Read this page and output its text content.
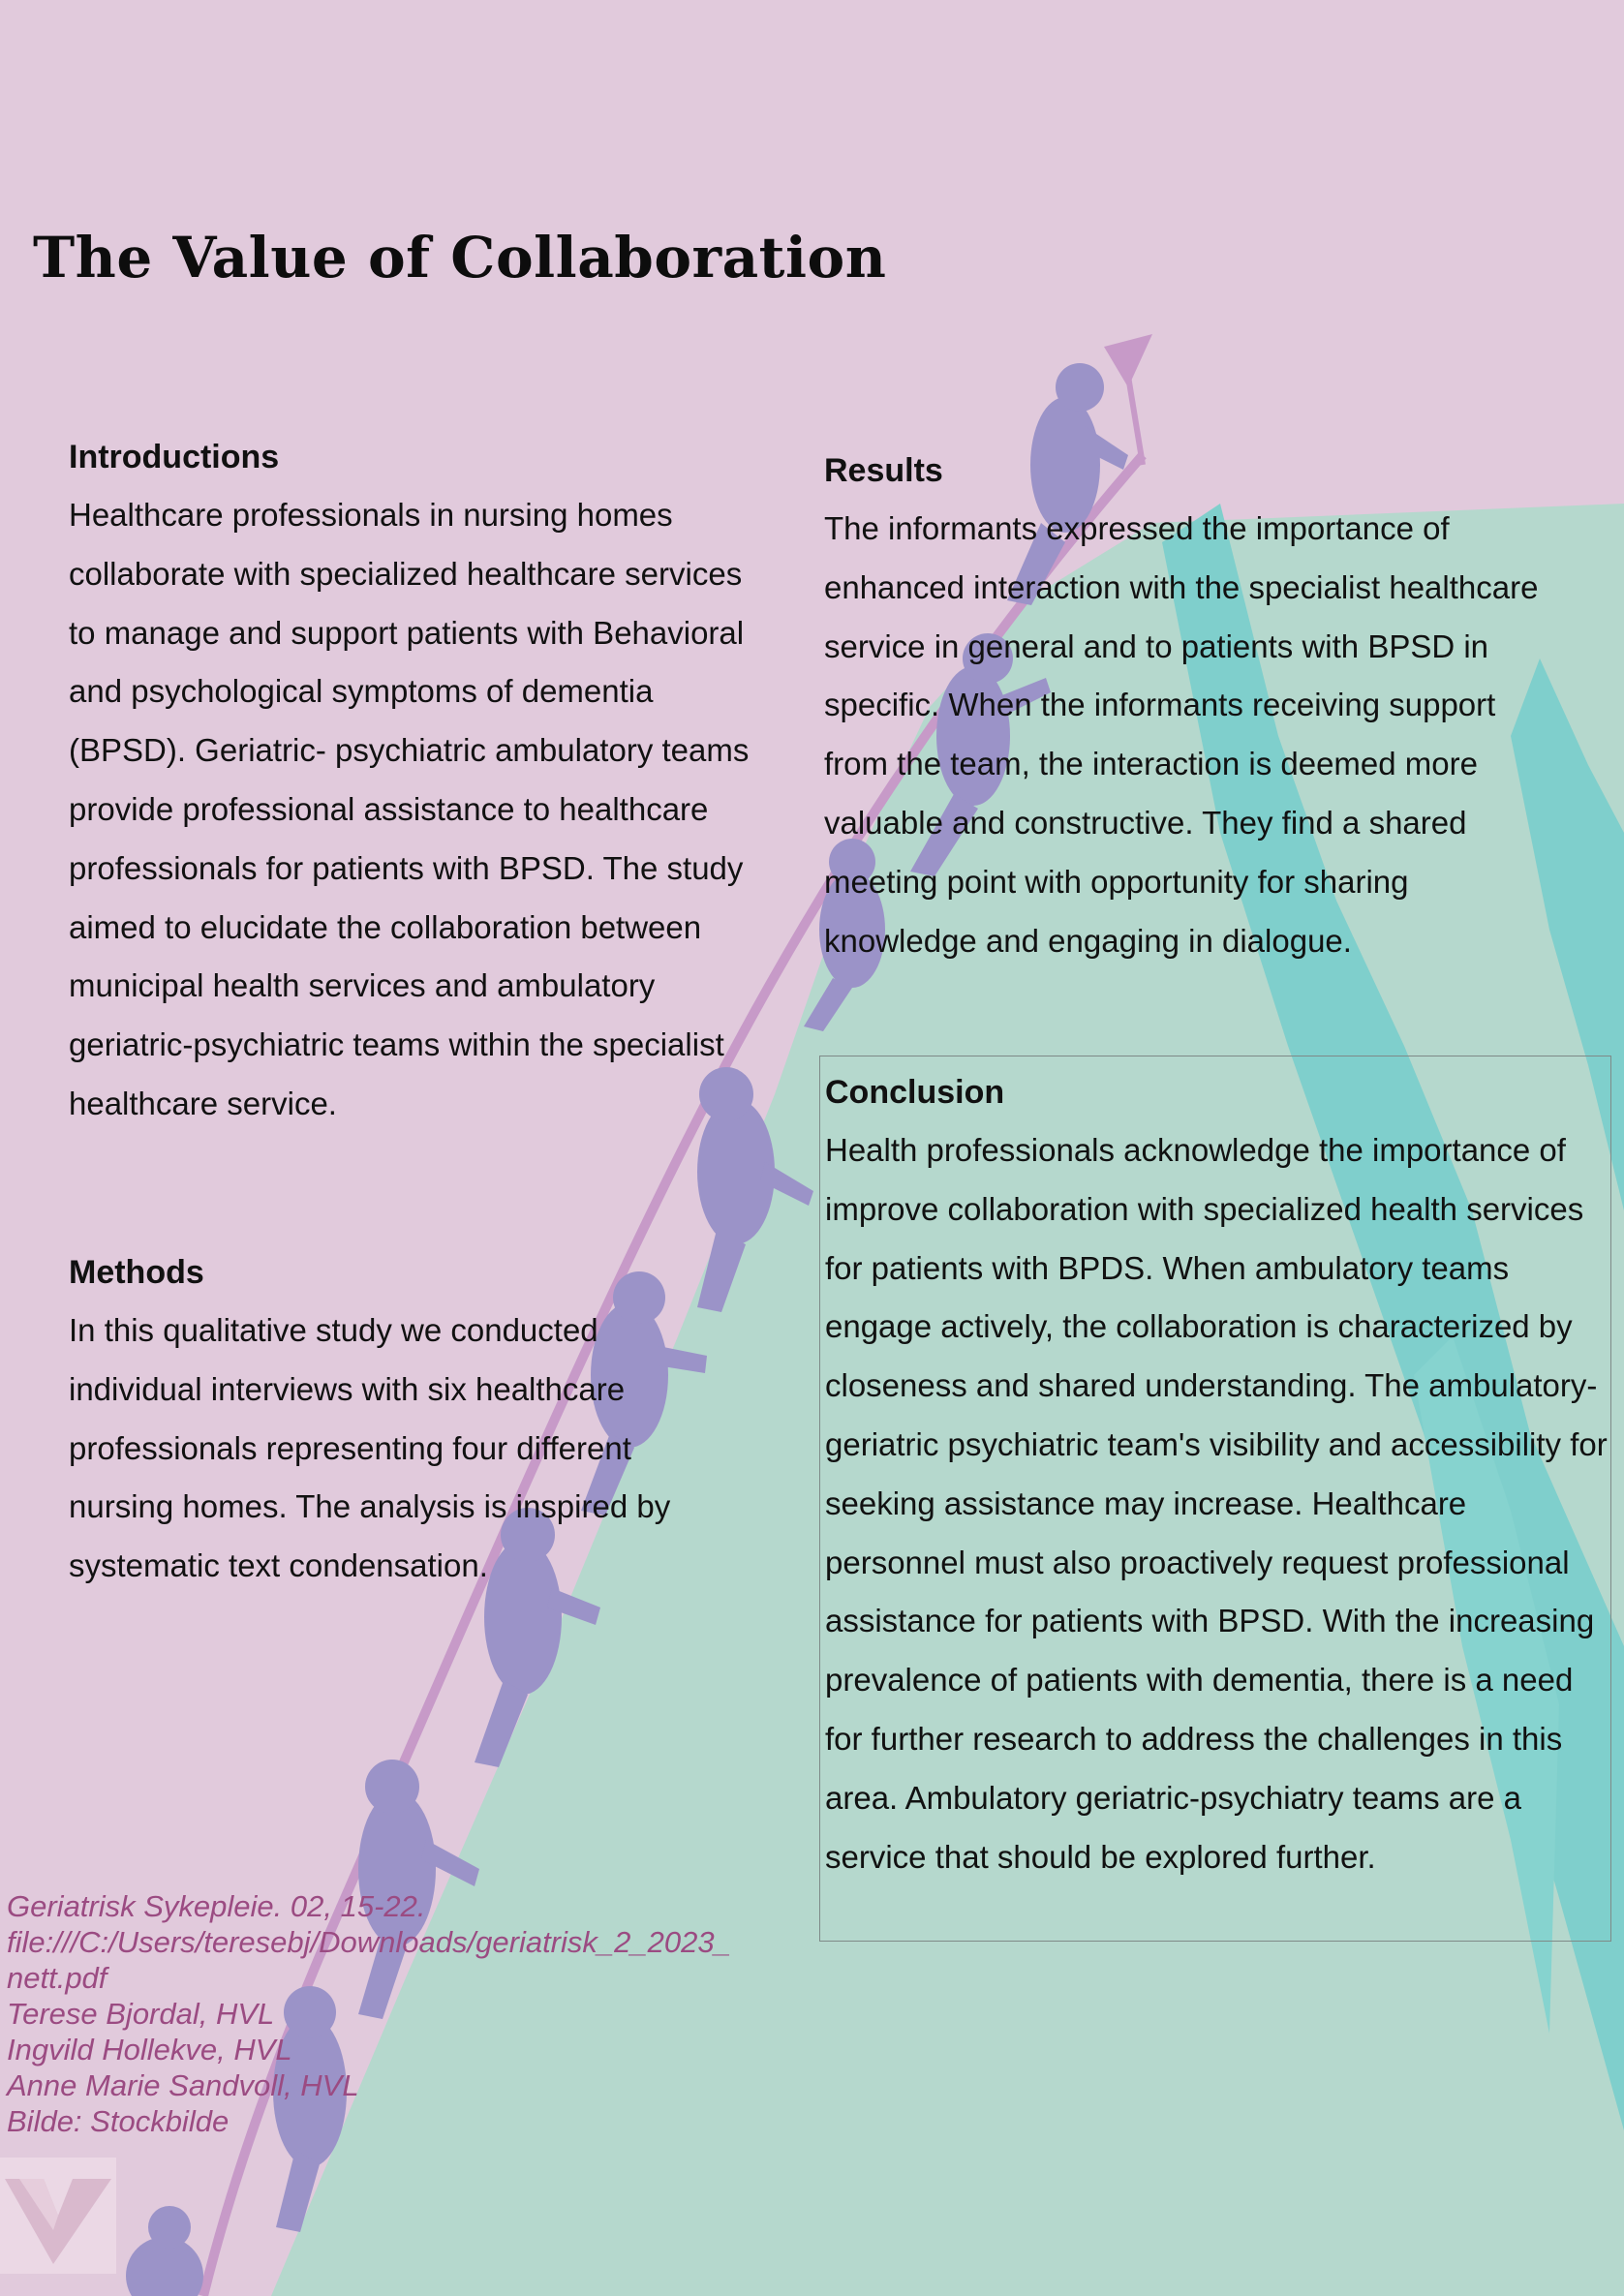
The Value of Collaboration
Introductions

Healthcare professionals in nursing homes collaborate with specialized healthcare services to manage and support patients with Behavioral and psychological symptoms of dementia (BPSD). Geriatric- psychiatric ambulatory teams provide professional assistance to healthcare professionals for patients with BPSD. The study aimed to elucidate the collaboration between municipal health services and ambulatory geriatric-psychiatric teams within the specialist healthcare service.

Methods

In this qualitative study we conducted individual interviews with six healthcare professionals representing four different nursing homes. The analysis is inspired by systematic text condensation.

Results

The informants expressed the importance of enhanced interaction with the specialist healthcare service in general and to patients with BPSD in specific. When the informants receiving support from the team, the interaction is deemed more valuable and constructive. They find a shared meeting point with opportunity for sharing knowledge and engaging in dialogue.

Conclusion

Health professionals acknowledge the importance of improve collaboration with specialized health services for patients with BPDS. When ambulatory teams engage actively, the collaboration is characterized by closeness and shared understanding. The ambulatory-geriatric psychiatric team's visibility and accessibility for seeking assistance may increase. Healthcare personnel must also proactively request professional assistance for patients with BPSD. With the increasing prevalence of patients with dementia, there is a need for further research to address the challenges in this area. Ambulatory geriatric-psychiatry teams are a service that should be explored further.

Geriatrisk Sykepleie. 02, 15-22.
file:///C:/Users/teresebj/Downloads/geriatrisk_2_2023_
nett.pdf
Terese Bjordal, HVL
Ingvild Hollekve, HVL
Anne Marie Sandvoll, HVL
Bilde: Stockbilde
